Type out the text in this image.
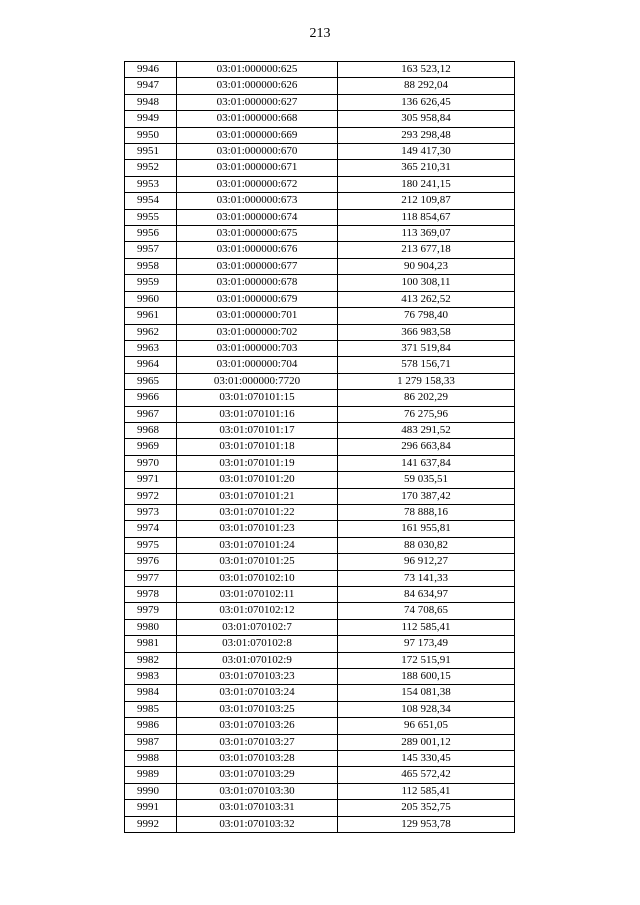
213
9946	03:01:000000:625	163 523,12
9947	03:01:000000:626	88 292,04
9948	03:01:000000:627	136 626,45
9949	03:01:000000:668	305 958,84
9950	03:01:000000:669	293 298,48
9951	03:01:000000:670	149 417,30
9952	03:01:000000:671	365 210,31
9953	03:01:000000:672	180 241,15
9954	03:01:000000:673	212 109,87
9955	03:01:000000:674	118 854,67
9956	03:01:000000:675	113 369,07
9957	03:01:000000:676	213 677,18
9958	03:01:000000:677	90 904,23
9959	03:01:000000:678	100 308,11
9960	03:01:000000:679	413 262,52
9961	03:01:000000:701	76 798,40
9962	03:01:000000:702	366 983,58
9963	03:01:000000:703	371 519,84
9964	03:01:000000:704	578 156,71
9965	03:01:000000:7720	1 279 158,33
9966	03:01:070101:15	86 202,29
9967	03:01:070101:16	76 275,96
9968	03:01:070101:17	483 291,52
9969	03:01:070101:18	296 663,84
9970	03:01:070101:19	141 637,84
9971	03:01:070101:20	59 035,51
9972	03:01:070101:21	170 387,42
9973	03:01:070101:22	78 888,16
9974	03:01:070101:23	161 955,81
9975	03:01:070101:24	88 030,82
9976	03:01:070101:25	96 912,27
9977	03:01:070102:10	73 141,33
9978	03:01:070102:11	84 634,97
9979	03:01:070102:12	74 708,65
9980	03:01:070102:7	112 585,41
9981	03:01:070102:8	97 173,49
9982	03:01:070102:9	172 515,91
9983	03:01:070103:23	188 600,15
9984	03:01:070103:24	154 081,38
9985	03:01:070103:25	108 928,34
9986	03:01:070103:26	96 651,05
9987	03:01:070103:27	289 001,12
9988	03:01:070103:28	145 330,45
9989	03:01:070103:29	465 572,42
9990	03:01:070103:30	112 585,41
9991	03:01:070103:31	205 352,75
9992	03:01:070103:32	129 953,78
